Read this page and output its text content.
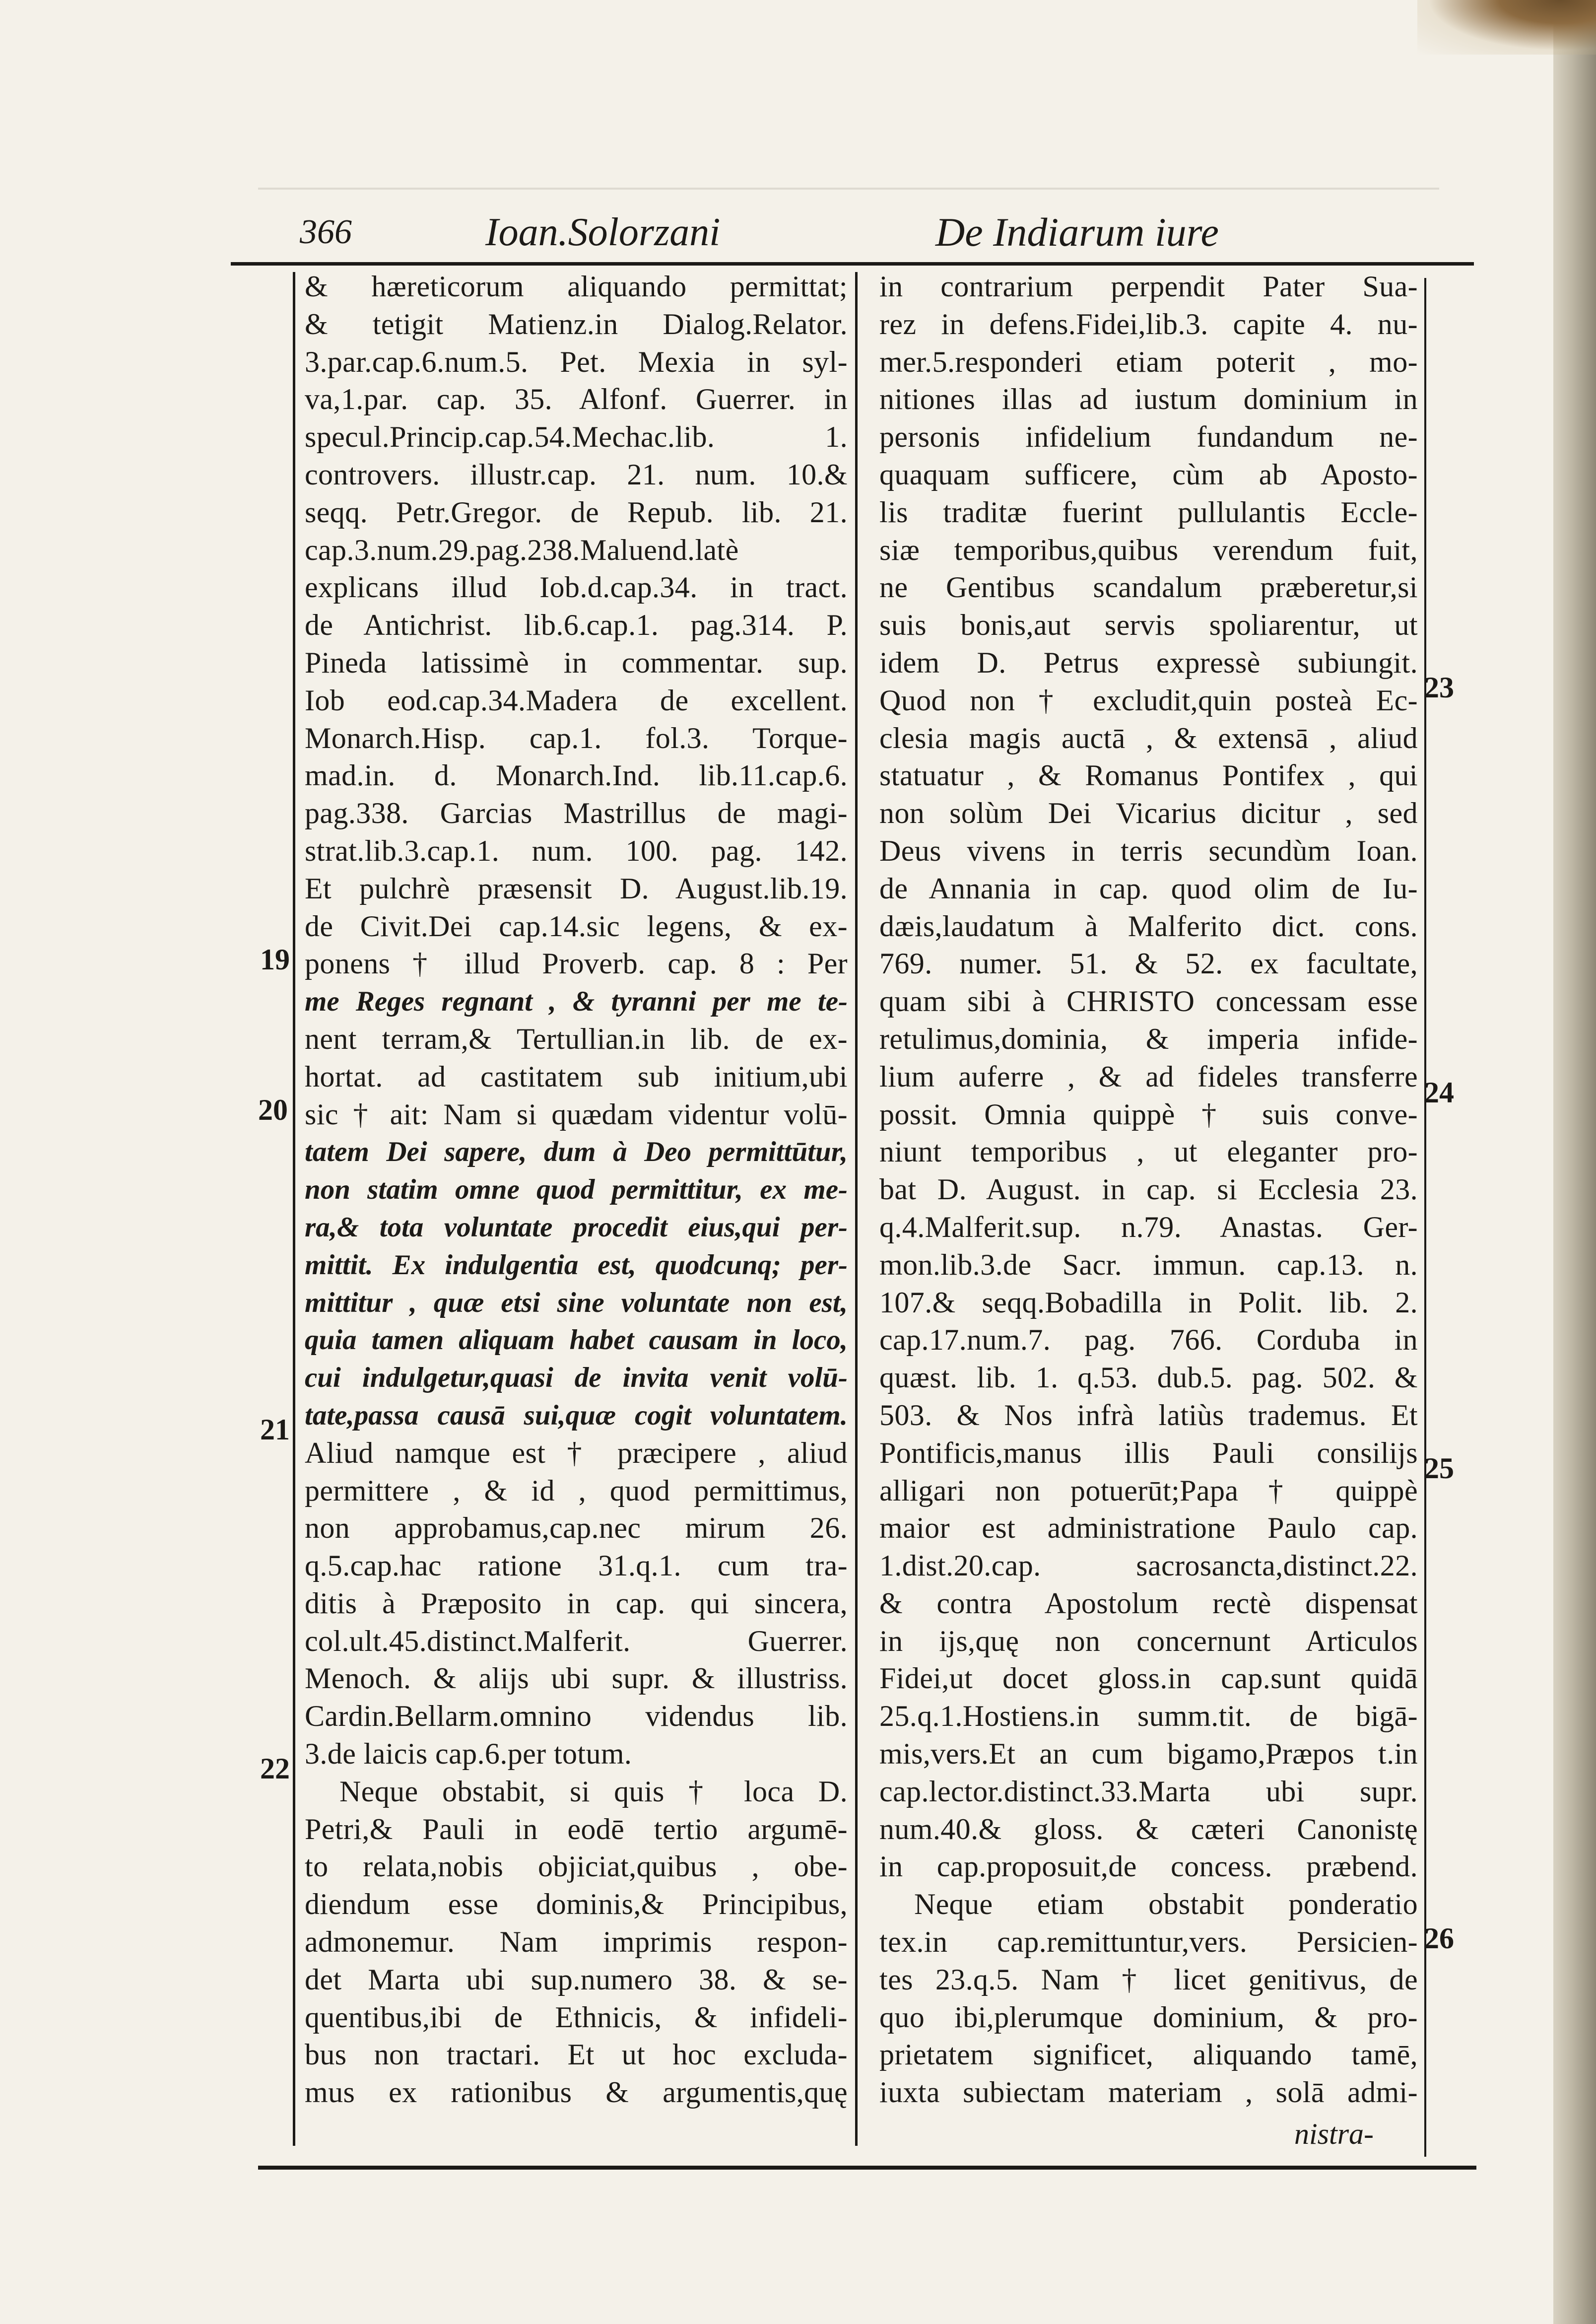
366	Ioan.Solorzani	De Indiarum iure
19
20
21
22
23
24
25
26
& hæreticorum aliquando permittat;
& tetigit Matienz.in Dialog.Relator.
3.par.cap.6.num.5. Pet. Mexia in syl-
va,1.par. cap. 35. Alfonf. Guerrer. in
specul.Princip.cap.54.Mechac.lib. 1.
controvers. illustr.cap. 21. num. 10.&
seqq. Petr.Gregor. de Repub. lib. 21.
cap.3.num.29.pag.238.Maluend.latè
explicans illud Iob.d.cap.34. in tract.
de Antichrist. lib.6.cap.1. pag.314. P.
Pineda latissimè in commentar. sup.
Iob eod.cap.34.Madera de excellent.
Monarch.Hisp. cap.1. fol.3. Torque-
mad.in. d. Monarch.Ind. lib.11.cap.6.
pag.338. Garcias Mastrillus de magi-
strat.lib.3.cap.1. num. 100. pag. 142.
Et pulchrè præsensit D. August.lib.19.
de Civit.Dei cap.14.sic legens, & ex-
ponens † illud Proverb. cap. 8 : Per
me Reges regnant , & tyranni per me te-
nent terram,& Tertullian.in lib. de ex-
hortat. ad castitatem sub initium,ubi
sic † ait: Nam si quædam videntur volū-
tatem Dei sapere, dum à Deo permittūtur,
non statim omne quod permittitur, ex me-
ra,& tota voluntate procedit eius,qui per-
mittit. Ex indulgentia est, quodcunq; per-
mittitur , quæ etsi sine voluntate non est,
quia tamen aliquam habet causam in loco,
cui indulgetur,quasi de invita venit volū-
tate,passa causā sui,quæ cogit voluntatem.
Aliud namque est † præcipere , aliud
permittere , & id , quod permittimus,
non approbamus,cap.nec mirum 26.
q.5.cap.hac ratione 31.q.1. cum tra-
ditis à Præposito in cap. qui sincera,
col.ult.45.distinct.Malferit. Guerrer.
Menoch. & alijs ubi supr. & illustriss.
Cardin.Bellarm.omnino videndus lib.
3.de laicis cap.6.per totum.
Neque obstabit, si quis † loca D.
Petri,& Pauli in eodē tertio argumē-
to relata,nobis objiciat,quibus , obe-
diendum esse dominis,& Principibus,
admonemur. Nam imprimis respon-
det Marta ubi sup.numero 38. & se-
quentibus,ibi de Ethnicis, & infideli-
bus non tractari. Et ut hoc excluda-
mus ex rationibus & argumentis,quę
in contrarium perpendit Pater Sua-
rez in defens.Fidei,lib.3. capite 4. nu-
mer.5.responderi etiam poterit , mo-
nitiones illas ad iustum dominium in
personis infidelium fundandum ne-
quaquam sufficere, cùm ab Aposto-
lis traditæ fuerint pullulantis Eccle-
siæ temporibus,quibus verendum fuit,
ne Gentibus scandalum præberetur,si
suis bonis,aut servis spoliarentur, ut
idem D. Petrus expressè subiungit.
Quod non † excludit,quin posteà Ec-
clesia magis auctā , & extensā , aliud
statuatur , & Romanus Pontifex , qui
non solùm Dei Vicarius dicitur , sed
Deus vivens in terris secundùm Ioan.
de Annania in cap. quod olim de Iu-
dæis,laudatum à Malferito dict. cons.
769. numer. 51. & 52. ex facultate,
quam sibi à CHRISTO concessam esse
retulimus,dominia, & imperia infide-
lium auferre , & ad fideles transferre
possit. Omnia quippè † suis conve-
niunt temporibus , ut eleganter pro-
bat D. August. in cap. si Ecclesia 23.
q.4.Malferit.sup. n.79. Anastas. Ger-
mon.lib.3.de Sacr. immun. cap.13. n.
107.& seqq.Bobadilla in Polit. lib. 2.
cap.17.num.7. pag. 766. Corduba in
quæst. lib. 1. q.53. dub.5. pag. 502. &
503. & Nos infrà latiùs trademus. Et
Pontificis,manus illis Pauli consilijs
alligari non potuerūt;Papa † quippè
maior est administratione Paulo cap.
1.dist.20.cap. sacrosancta,distinct.22.
& contra Apostolum rectè dispensat
in ijs,quę non concernunt Articulos
Fidei,ut docet gloss.in cap.sunt quidā
25.q.1.Hostiens.in summ.tit. de bigā-
mis,vers.Et an cum bigamo,Præpos t.in
cap.lector.distinct.33.Marta ubi supr.
num.40.& gloss. & cæteri Canonistę
in cap.proposuit,de concess. præbend.
Neque etiam obstabit ponderatio
tex.in cap.remittuntur,vers. Persicien-
tes 23.q.5. Nam † licet genitivus, de
quo ibi,plerumque dominium, & pro-
prietatem significet, aliquando tamē,
iuxta subiectam materiam , solā admi-
nistra-
